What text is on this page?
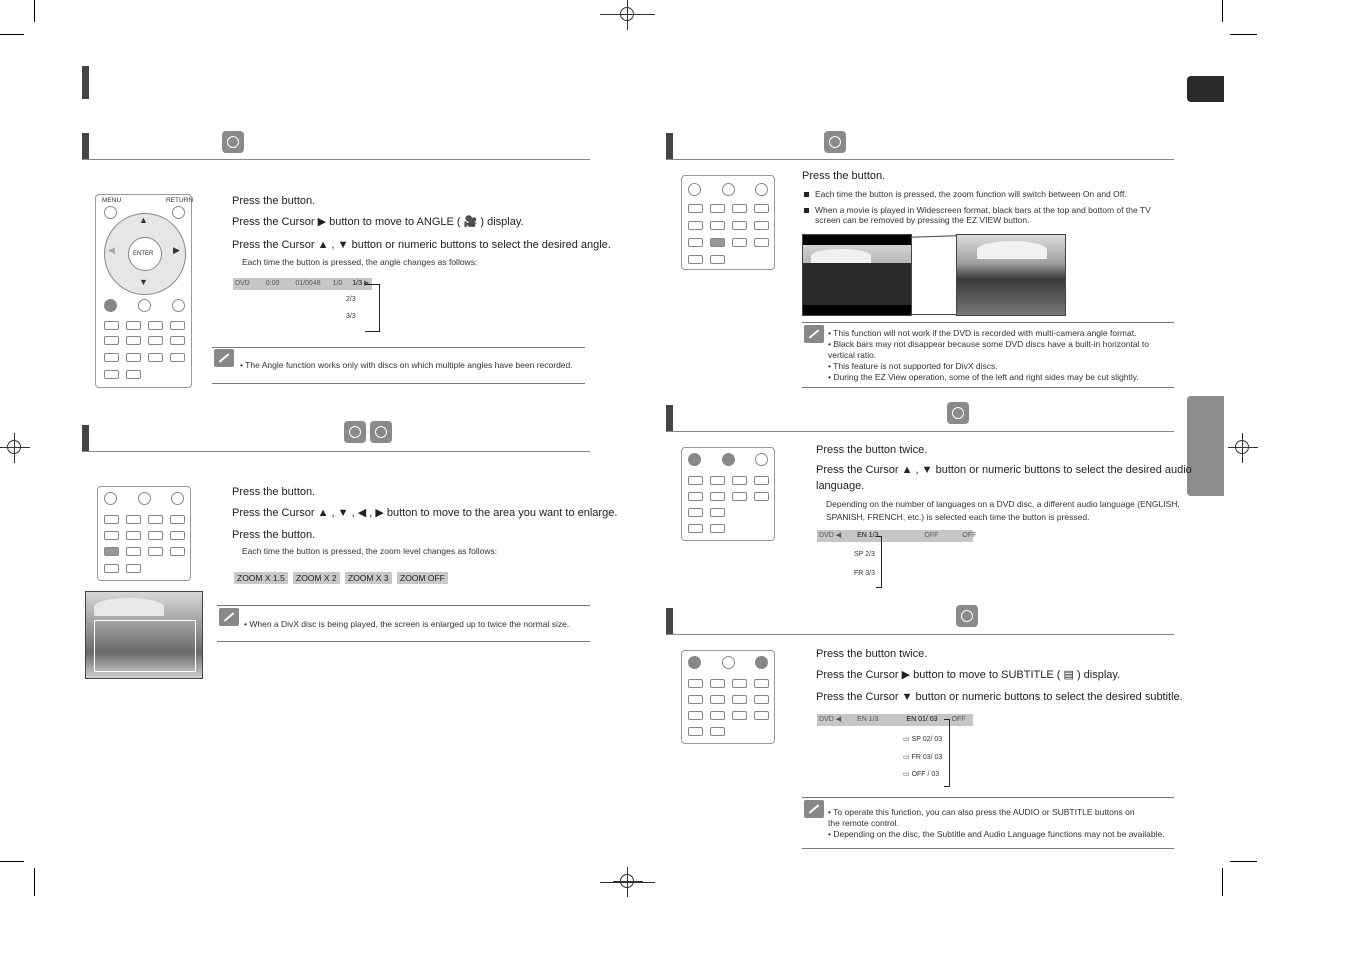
MENU	RETURN
ENTER
▲
▼
▶
◀
Press the button.
Press the Cursor ▶ button to move to ANGLE ( 🎥 ) display.
Press the Cursor ▲ , ▼ button or numeric buttons to select the desired angle.
Each time the button is pressed, the angle changes as follows:
DVD 0:00 01/0048 1/0 1/3 ▶
2/3
3/3
• The Angle function works only with discs on which multiple angles have been recorded.
Press the button.
Press the Cursor ▲ , ▼ , ◀ , ▶ button to move to the area you want to enlarge.
Press the button.
Each time the button is pressed, the zoom level changes as follows:
ZOOM X 1.5	ZOOM X 2	ZOOM X 3	ZOOM OFF
• When a DivX disc is being played, the screen is enlarged up to twice the normal size.
Press the button.
Each time the button is pressed, the zoom function will switch between On and Off.
When a movie is played in Widescreen format, black bars at the top and bottom of the TV
screen can be removed by pressing the EZ VIEW button.
• This function will not work if the DVD is recorded with multi-camera angle format.
• Black bars may not disappear because some DVD discs have a built-in horizontal to
vertical ratio.
• This feature is not supported for DivX discs.
• During the EZ View operation, some of the left and right sides may be cut slightly.
Press the button twice.
Press the Cursor ▲ , ▼ button or numeric buttons to select the desired audio
language.
Depending on the number of languages on a DVD disc, a different audio language (ENGLISH,
SPANISH, FRENCH, etc.) is selected each time the button is pressed.
DVD ◀ EN 1/3	OFF	OFF
SP 2/3
FR 3/3
Press the button twice.
Press the Cursor ▶ button to move to SUBTITLE ( ▤ ) display.
Press the Cursor ▼ button or numeric buttons to select the desired subtitle.
DVD ◀ EN 1/3	EN 01/ 03 OFF
▭ SP 02/ 03
▭ FR 03/ 03
▭ OFF / 03
• To operate this function, you can also press the AUDIO or SUBTITLE buttons on
the remote control.
• Depending on the disc, the Subtitle and Audio Language functions may not be available.
